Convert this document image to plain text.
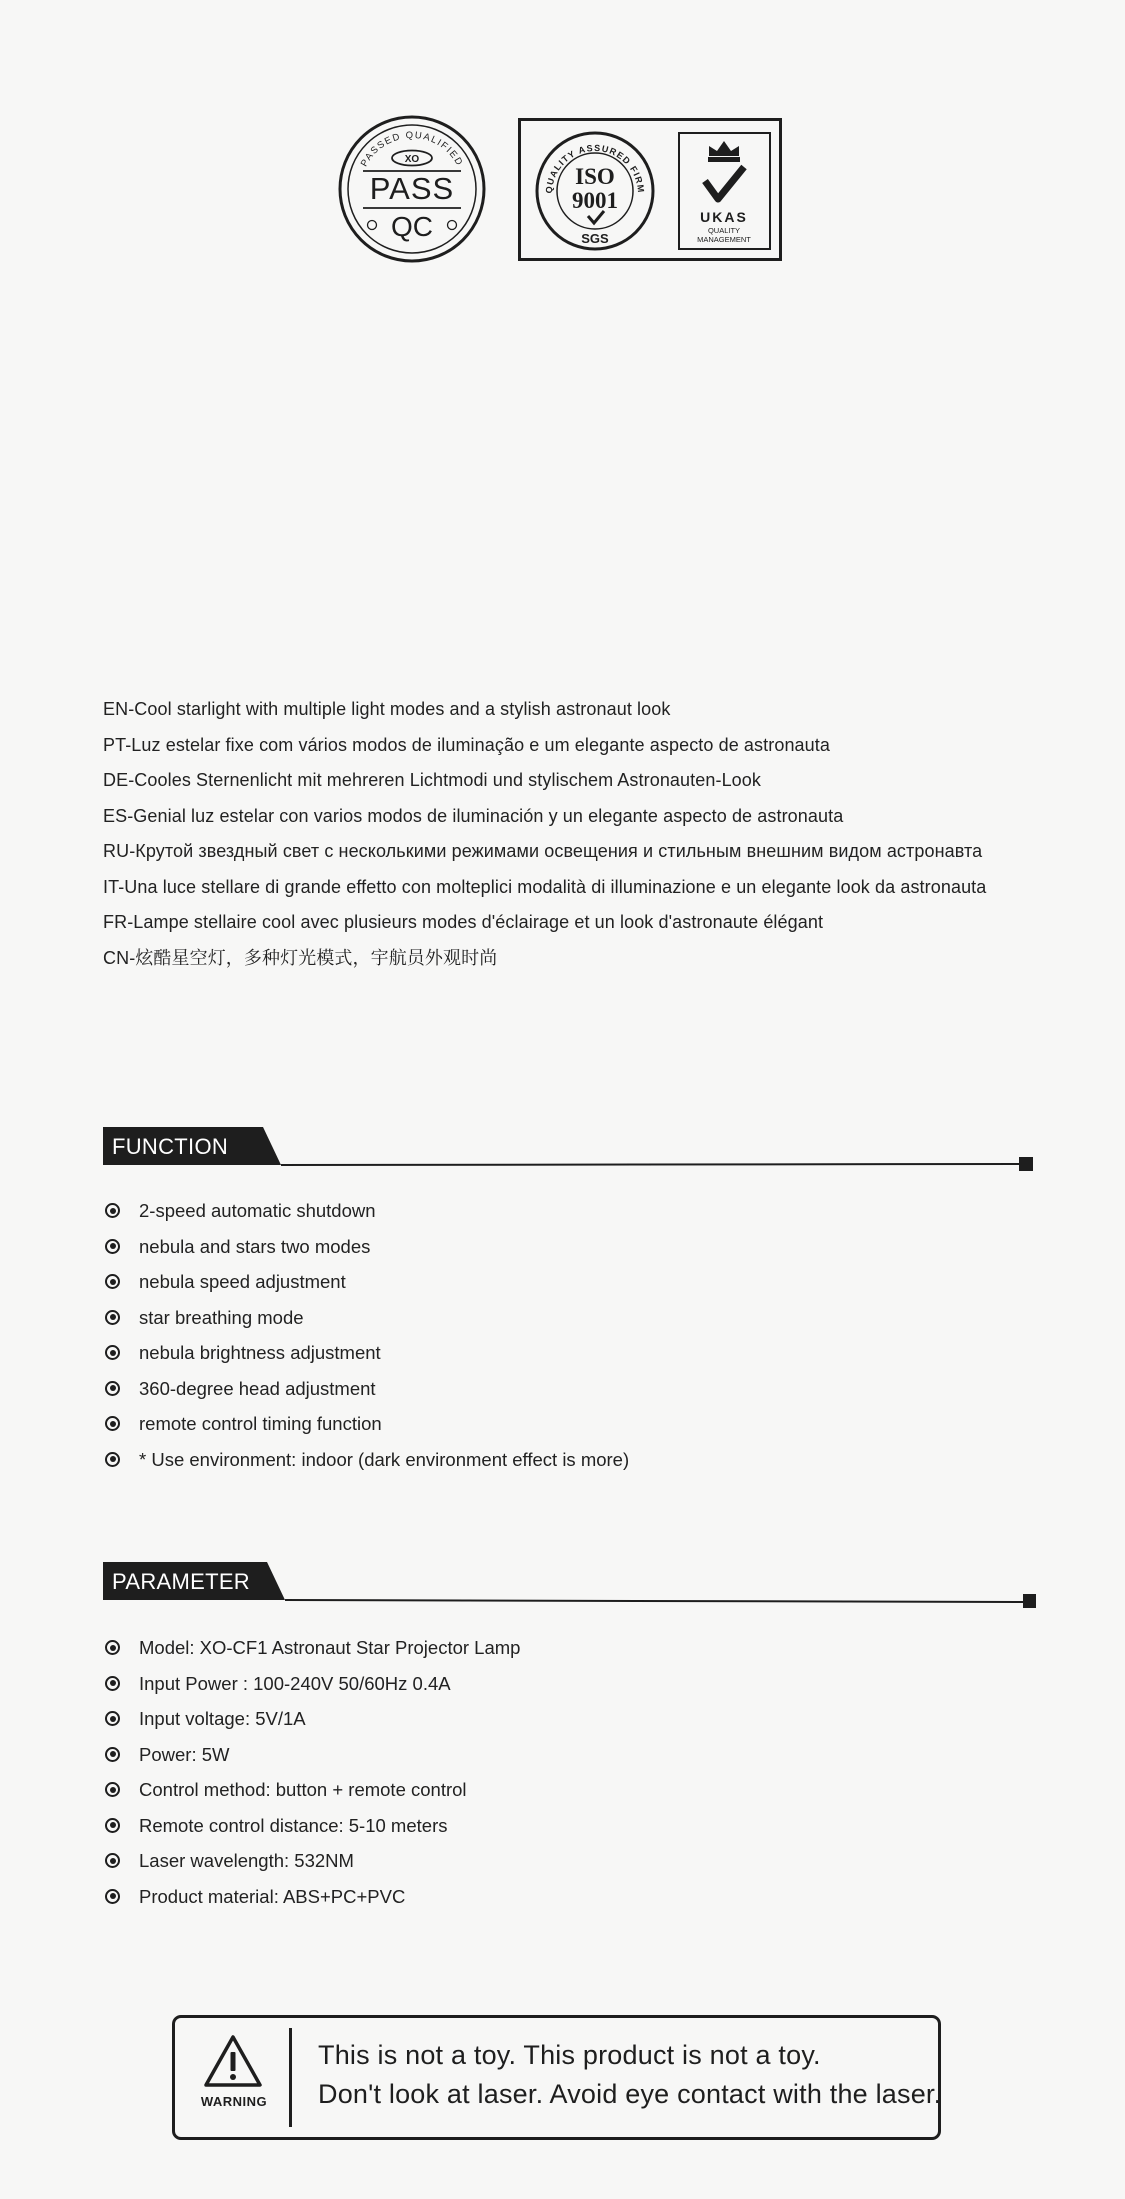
PASSED QUALIFIED
XO
PASS
QC
QUALITY ASSURED FIRM
ISO
9001
SGS
UKAS
QUALITY
MANAGEMENT
EN-Cool starlight with multiple light modes and a stylish astronaut look
PT-Luz estelar fixe com vários modos de iluminação e um elegante aspecto de astronauta
DE-Cooles Sternenlicht mit mehreren Lichtmodi und stylischem Astronauten-Look
ES-Genial luz estelar con varios modos de iluminación y un elegante aspecto de astronauta
RU-Крутой звездный свет с несколькими режимами освещения и стильным внешним видом астронавта
IT-Una luce stellare di grande effetto con molteplici modalità di illuminazione e un elegante look da astronauta
FR-Lampe stellaire cool avec plusieurs modes d'éclairage et un look d'astronaute élégant
CN-炫酷星空灯，多种灯光模式，宇航员外观时尚
FUNCTION
2-speed automatic shutdown
nebula and stars two modes
nebula speed adjustment
star breathing mode
nebula brightness adjustment
360-degree head adjustment
remote control timing function
* Use environment: indoor (dark environment effect is more)
PARAMETER
Model: XO-CF1 Astronaut Star Projector Lamp
Input Power : 100-240V 50/60Hz 0.4A
Input voltage: 5V/1A
Power: 5W
Control method: button + remote control
Remote control distance: 5-10 meters
Laser wavelength: 532NM
Product material: ABS+PC+PVC
WARNING
This is not a toy. This product is not a toy.
Don't look at laser. Avoid eye contact with the laser.
